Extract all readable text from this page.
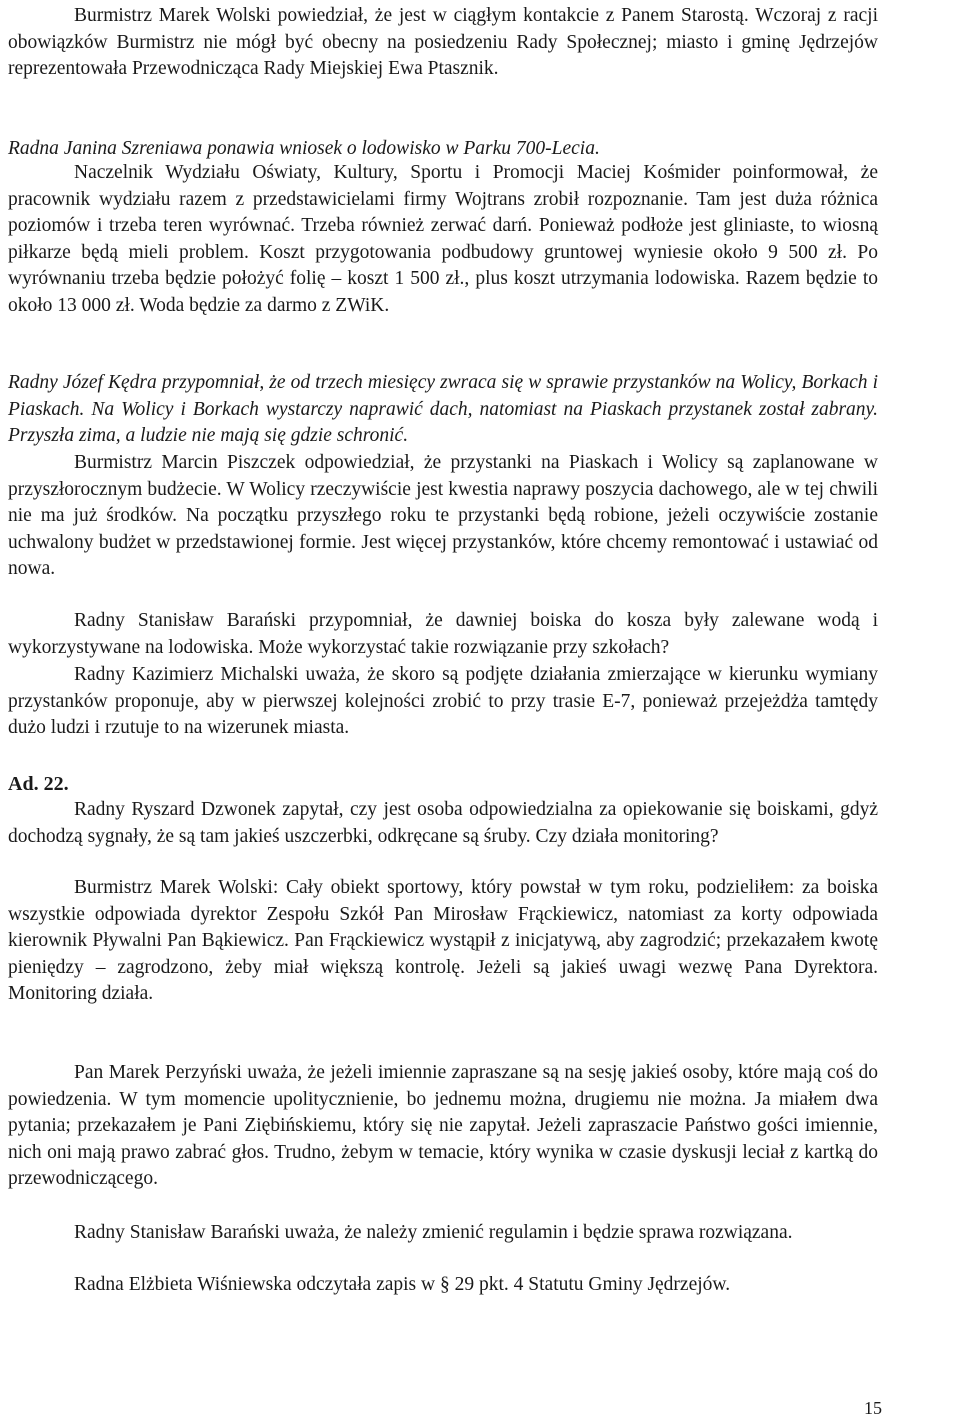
Burmistrz Marek Wolski powiedział, że jest w ciągłym kontakcie z Panem Starostą. Wczoraj z racji obowiązków Burmistrz nie mógł być obecny na posiedzeniu Rady Społecznej; miasto i gminę Jędrzejów reprezentowała Przewodnicząca Rady Miejskiej Ewa Ptasznik.

Radna Janina Szreniawa ponawia wniosek o lodowisko w Parku 700-Lecia.

Naczelnik Wydziału Oświaty, Kultury, Sportu i Promocji Maciej Kośmider poinformował, że pracownik wydziału razem z przedstawicielami firmy Wojtrans zrobił rozpoznanie. Tam jest duża różnica poziomów i trzeba teren wyrównać. Trzeba również zerwać darń. Ponieważ podłoże jest gliniaste, to wiosną piłkarze będą mieli problem. Koszt przygotowania podbudowy gruntowej wyniesie około 9 500 zł. Po wyrównaniu trzeba będzie położyć folię – koszt 1 500 zł., plus koszt utrzymania lodowiska. Razem będzie to około 13 000 zł. Woda będzie za darmo z ZWiK.

Radny Józef Kędra przypomniał, że od trzech miesięcy zwraca się w sprawie przystanków na Wolicy, Borkach i Piaskach. Na Wolicy i Borkach wystarczy naprawić dach, natomiast na Piaskach przystanek został zabrany. Przyszła zima, a ludzie nie mają się gdzie schronić.

Burmistrz Marcin Piszczek odpowiedział, że przystanki na Piaskach i Wolicy są zaplanowane w przyszłorocznym budżecie. W Wolicy rzeczywiście jest kwestia naprawy poszycia dachowego, ale w tej chwili nie ma już środków. Na początku przyszłego roku te przystanki będą robione, jeżeli oczywiście zostanie uchwalony budżet w przedstawionej formie. Jest więcej przystanków, które chcemy remontować i ustawiać od nowa.

Radny Stanisław Barański przypomniał, że dawniej boiska do kosza były zalewane wodą i wykorzystywane na lodowiska. Może wykorzystać takie rozwiązanie przy szkołach?

Radny Kazimierz Michalski uważa, że skoro są podjęte działania zmierzające w kierunku wymiany przystanków proponuje, aby w pierwszej kolejności zrobić to przy trasie E-7, ponieważ przejeżdża tamtędy dużo ludzi i rzutuje to na wizerunek miasta.

Ad. 22.

Radny Ryszard Dzwonek zapytał, czy jest osoba odpowiedzialna za opiekowanie się boiskami, gdyż dochodzą sygnały, że są tam jakieś uszczerbki, odkręcane są śruby. Czy działa monitoring?

Burmistrz Marek Wolski: Cały obiekt sportowy, który powstał w tym roku, podzieliłem: za boiska wszystkie odpowiada dyrektor Zespołu Szkół Pan Mirosław Frąckiewicz, natomiast za korty odpowiada kierownik Pływalni Pan Bąkiewicz. Pan Frąckiewicz wystąpił z inicjatywą, aby zagrodzić; przekazałem kwotę pieniędzy – zagrodzono, żeby miał większą kontrolę. Jeżeli są jakieś uwagi wezwę Pana Dyrektora. Monitoring działa.

Pan Marek Perzyński uważa, że jeżeli imiennie zapraszane są na sesję jakieś osoby, które mają coś do powiedzenia. W tym momencie upolitycznienie, bo jednemu można, drugiemu nie można. Ja miałem dwa pytania; przekazałem je Pani Ziębińskiemu, który się nie zapytał. Jeżeli zapraszacie Państwo gości imiennie, nich oni mają prawo zabrać głos. Trudno, żebym w temacie, który wynika w czasie dyskusji leciał z kartką do przewodniczącego.

Radny Stanisław Barański uważa, że należy zmienić regulamin i będzie sprawa rozwiązana.

Radna Elżbieta Wiśniewska odczytała zapis w § 29 pkt. 4 Statutu Gminy Jędrzejów.

15
